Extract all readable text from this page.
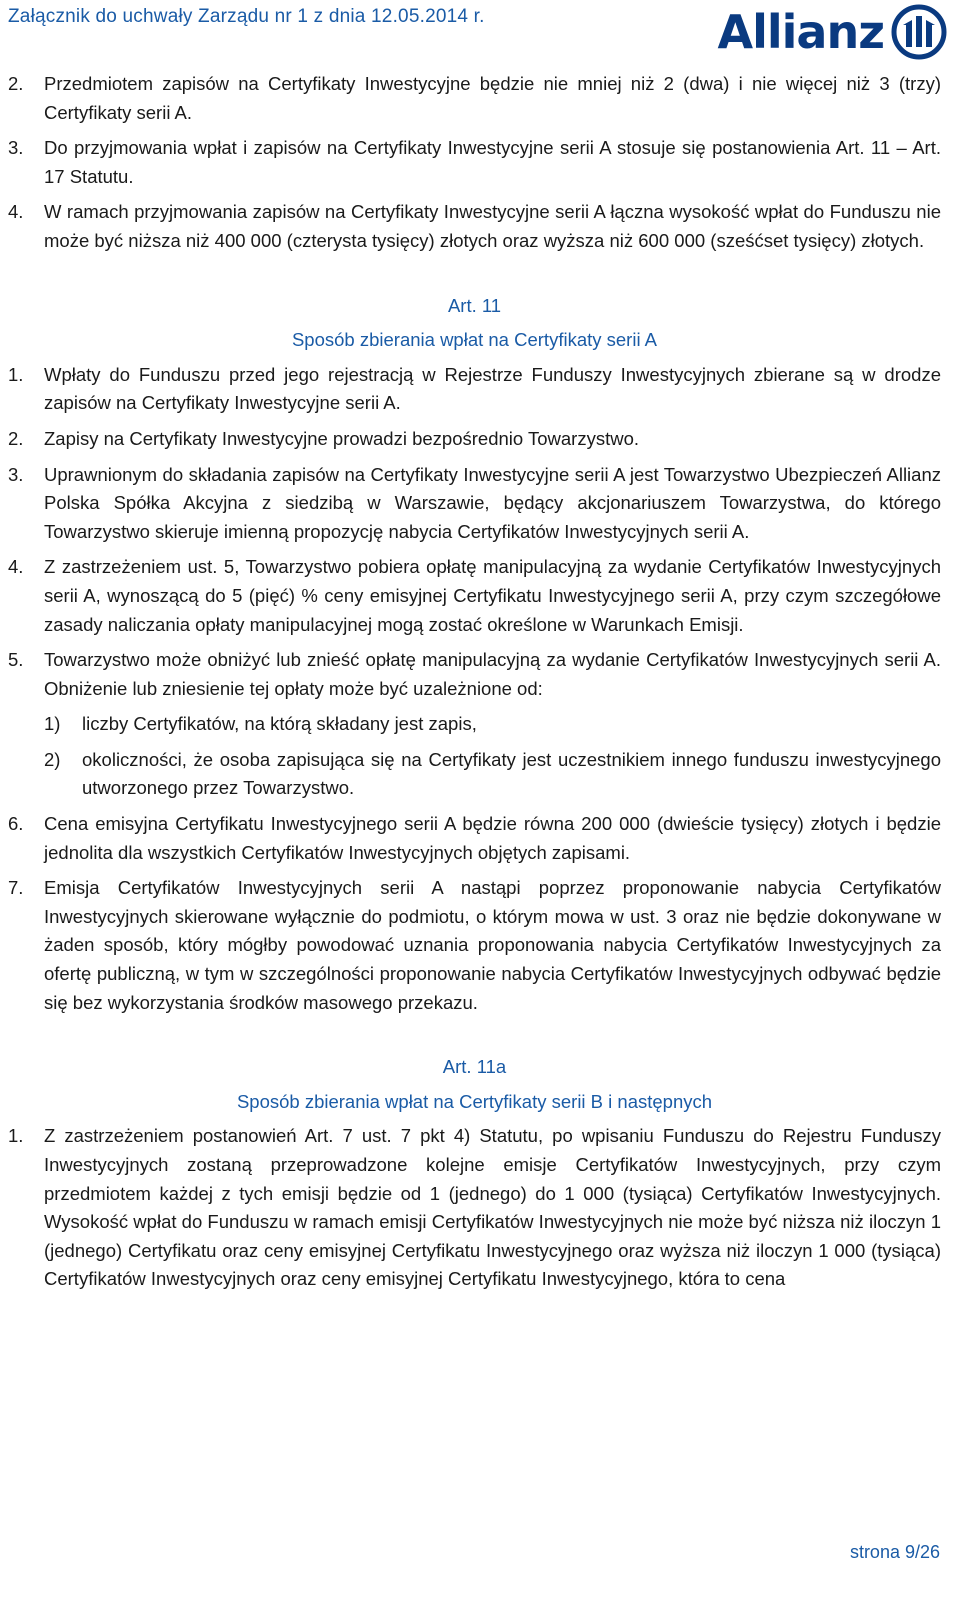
Załącznik do uchwały Zarządu nr 1 z dnia 12.05.2014 r.	Allianz
2.	Przedmiotem zapisów na Certyfikaty Inwestycyjne będzie nie mniej niż 2 (dwa) i nie więcej niż 3 (trzy) Certyfikaty serii A.
3.	Do przyjmowania wpłat i zapisów na Certyfikaty Inwestycyjne serii A stosuje się postanowienia Art. 11 – Art. 17 Statutu.
4.	W ramach przyjmowania zapisów na Certyfikaty Inwestycyjne serii A łączna wysokość wpłat do Funduszu nie może być niższa niż 400 000 (czterysta tysięcy) złotych oraz wyższa niż 600 000 (sześćset tysięcy) złotych.
Art. 11
Sposób zbierania wpłat na Certyfikaty serii A
1.	Wpłaty do Funduszu przed jego rejestracją w Rejestrze Funduszy Inwestycyjnych zbierane są w drodze zapisów na Certyfikaty Inwestycyjne serii A.
2.	Zapisy na Certyfikaty Inwestycyjne prowadzi bezpośrednio Towarzystwo.
3.	Uprawnionym do składania zapisów na Certyfikaty Inwestycyjne serii A jest Towarzystwo Ubezpieczeń Allianz Polska Spółka Akcyjna z siedzibą w Warszawie, będący akcjonariuszem Towarzystwa, do którego Towarzystwo skieruje imienną propozycję nabycia Certyfikatów Inwestycyjnych serii A.
4.	Z zastrzeżeniem ust. 5, Towarzystwo pobiera opłatę manipulacyjną za wydanie Certyfikatów Inwestycyjnych serii A, wynoszącą do 5 (pięć) % ceny emisyjnej Certyfikatu Inwestycyjnego serii A, przy czym szczegółowe zasady naliczania opłaty manipulacyjnej mogą zostać określone w Warunkach Emisji.
5.	Towarzystwo może obniżyć lub znieść opłatę manipulacyjną za wydanie Certyfikatów Inwestycyjnych serii A. Obniżenie lub zniesienie tej opłaty może być uzależnione od:
1)	liczby Certyfikatów, na którą składany jest zapis,
2)	okoliczności, że osoba zapisująca się na Certyfikaty jest uczestnikiem innego funduszu inwestycyjnego utworzonego przez Towarzystwo.
6.	Cena emisyjna Certyfikatu Inwestycyjnego serii A będzie równa 200 000 (dwieście tysięcy) złotych i będzie jednolita dla wszystkich Certyfikatów Inwestycyjnych objętych zapisami.
7.	Emisja Certyfikatów Inwestycyjnych serii A nastąpi poprzez proponowanie nabycia Certyfikatów Inwestycyjnych skierowane wyłącznie do podmiotu, o którym mowa w ust. 3 oraz nie będzie dokonywane w żaden sposób, który mógłby powodować uznania proponowania nabycia Certyfikatów Inwestycyjnych za ofertę publiczną, w tym w szczególności proponowanie nabycia Certyfikatów Inwestycyjnych odbywać będzie się bez wykorzystania środków masowego przekazu.
Art. 11a
Sposób zbierania wpłat na Certyfikaty serii B i następnych
1.	Z zastrzeżeniem postanowień Art. 7 ust. 7 pkt 4) Statutu, po wpisaniu Funduszu do Rejestru Funduszy Inwestycyjnych zostaną przeprowadzone kolejne emisje Certyfikatów Inwestycyjnych, przy czym przedmiotem każdej z tych emisji będzie od 1 (jednego) do 1 000 (tysiąca) Certyfikatów Inwestycyjnych. Wysokość wpłat do Funduszu w ramach emisji Certyfikatów Inwestycyjnych nie może być niższa niż iloczyn 1 (jednego) Certyfikatu oraz ceny emisyjnej Certyfikatu Inwestycyjnego oraz wyższa niż iloczyn 1 000 (tysiąca) Certyfikatów Inwestycyjnych oraz ceny emisyjnej Certyfikatu Inwestycyjnego, która to cena
strona 9/26
